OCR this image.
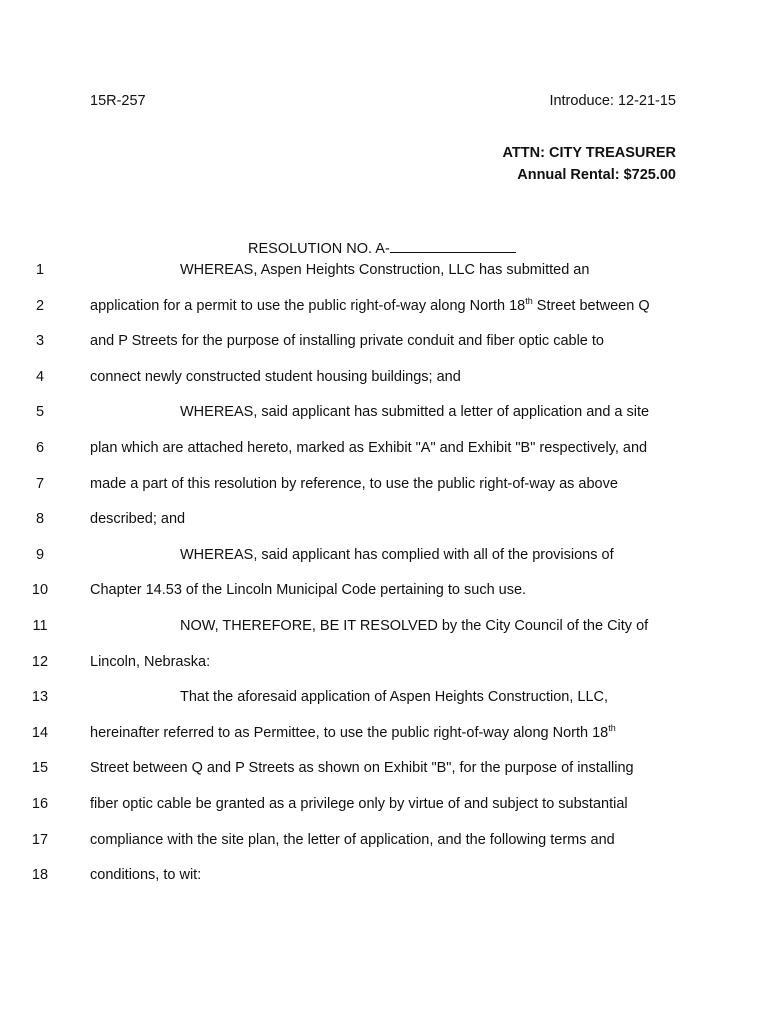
15R-257	Introduce: 12-21-15
ATTN: CITY TREASURER
Annual Rental: $725.00
RESOLUTION NO. A-
1	WHEREAS, Aspen Heights Construction, LLC has submitted an
2	application for a permit to use the public right-of-way along North 18th Street between Q
3	and P Streets for the purpose of installing private conduit and fiber optic cable to
4	connect newly constructed student housing buildings; and
5	WHEREAS, said applicant has submitted a letter of application and a site
6	plan which are attached hereto, marked as Exhibit "A" and Exhibit "B" respectively, and
7	made a part of this resolution by reference, to use the public right-of-way as above
8	described; and
9	WHEREAS, said applicant has complied with all of the provisions of
10	Chapter 14.53 of the Lincoln Municipal Code pertaining to such use.
11	NOW, THEREFORE, BE IT RESOLVED by the City Council of the City of
12	Lincoln, Nebraska:
13	That the aforesaid application of Aspen Heights Construction, LLC,
14	hereinafter referred to as Permittee, to use the public right-of-way along North 18th
15	Street between Q and P Streets as shown on Exhibit "B", for the purpose of installing
16	fiber optic cable be granted as a privilege only by virtue of and subject to substantial
17	compliance with the site plan, the letter of application, and the following terms and
18	conditions, to wit:
